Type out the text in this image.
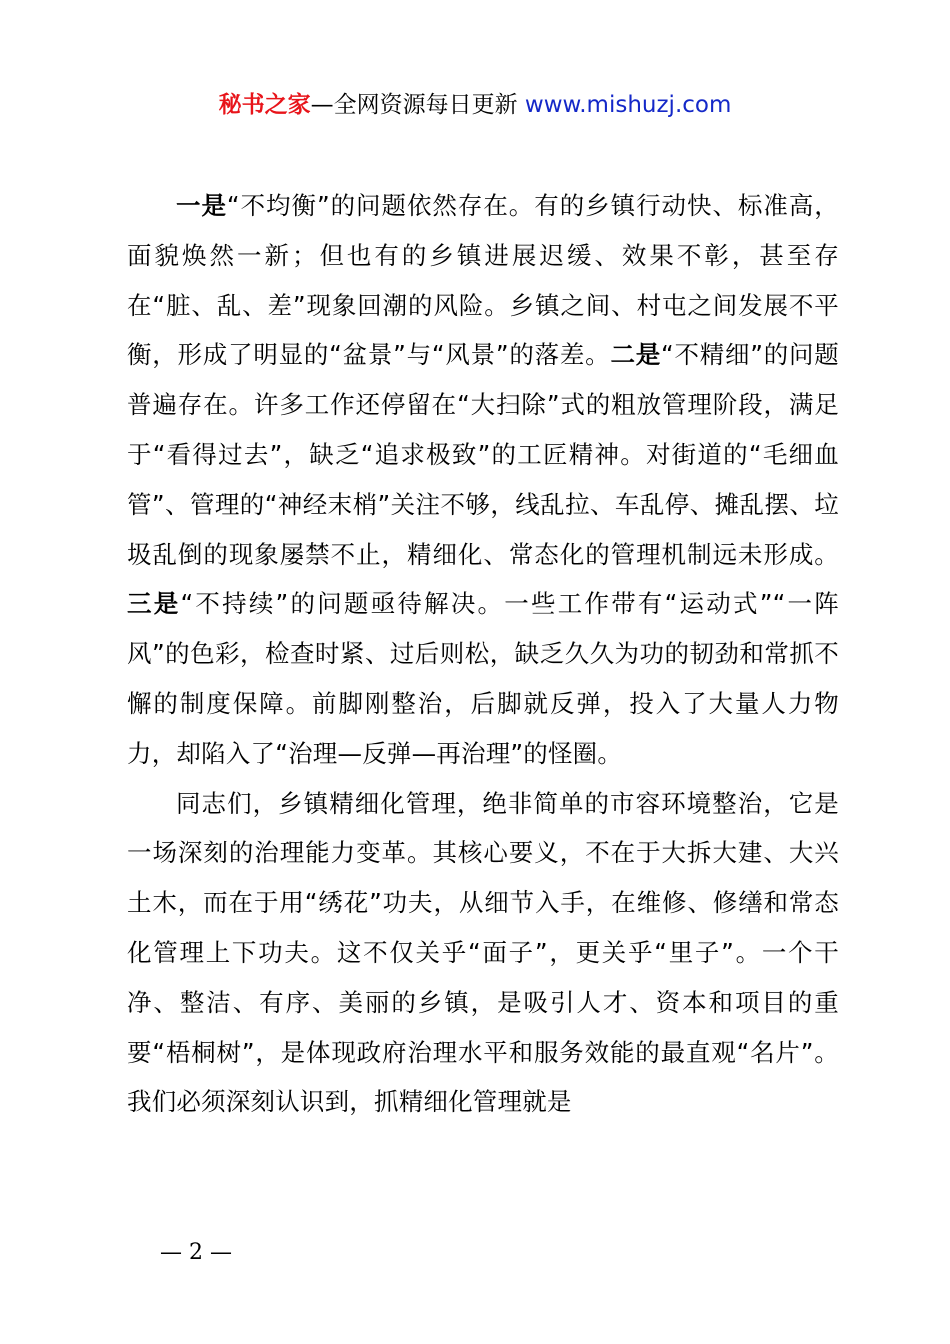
秘书之家—全网资源每日更新 www.mishuzj.com

一是“不均衡”的问题依然存在。有的乡镇行动快、标准高，面貌焕然一新；但也有的乡镇进展迟缓、效果不彰，甚至存在“脏、乱、差”现象回潮的风险。乡镇之间、村屯之间发展不平衡，形成了明显的“盆景”与“风景”的落差。二是“不精细”的问题普遍存在。许多工作还停留在“大扫除”式的粗放管理阶段，满足于“看得过去”，缺乏“追求极致”的工匠精神。对街道的“毛细血管”、管理的“神经末梢”关注不够，线乱拉、车乱停、摊乱摆、垃圾乱倒的现象屡禁不止，精细化、常态化的管理机制远未形成。三是“不持续”的问题亟待解决。一些工作带有“运动式”“一阵风”的色彩，检查时紧、过后则松，缺乏久久为功的韧劲和常抓不懈的制度保障。前脚刚整治，后脚就反弹，投入了大量人力物力，却陷入了“治理—反弹—再治理”的怪圈。

同志们，乡镇精细化管理，绝非简单的市容环境整治，它是一场深刻的治理能力变革。其核心要义，不在于大拆大建、大兴土木，而在于用“绣花”功夫，从细节入手，在维修、修缮和常态化管理上下功夫。这不仅关乎“面子”，更关乎“里子”。一个干净、整洁、有序、美丽的乡镇，是吸引人才、资本和项目的重要“梧桐树”，是体现政府治理水平和服务效能的最直观“名片”。我们必须深刻认识到，抓精细化管理就是

— 2 —
